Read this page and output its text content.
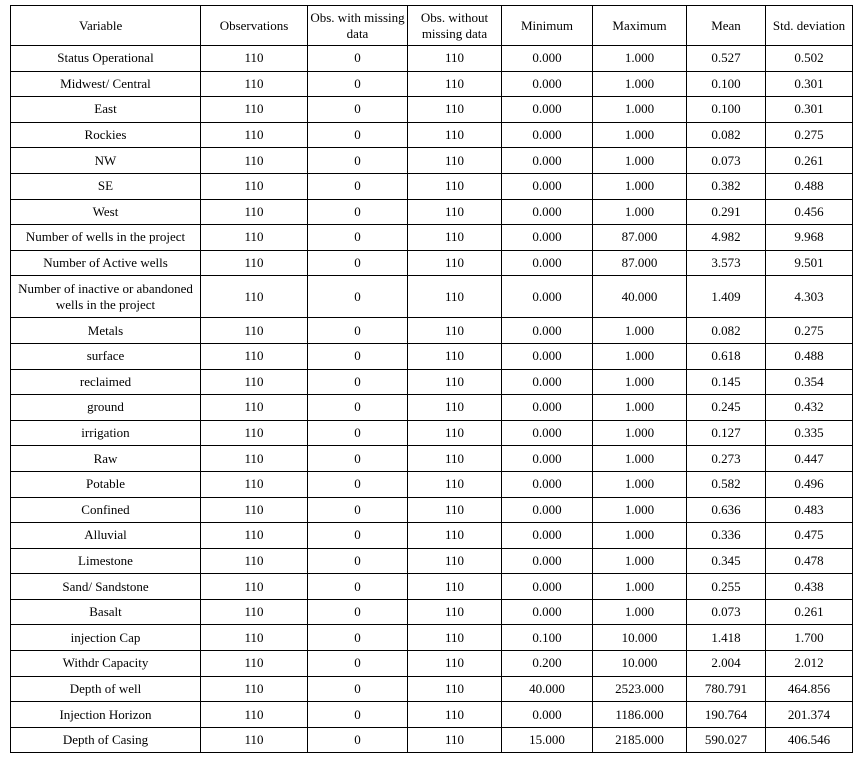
Variable	Observations	Obs. with missing data	Obs. without missing data	Minimum	Maximum	Mean	Std. deviation
Status Operational	110	0	110	0.000	1.000	0.527	0.502
Midwest/ Central	110	0	110	0.000	1.000	0.100	0.301
East	110	0	110	0.000	1.000	0.100	0.301
Rockies	110	0	110	0.000	1.000	0.082	0.275
NW	110	0	110	0.000	1.000	0.073	0.261
SE	110	0	110	0.000	1.000	0.382	0.488
West	110	0	110	0.000	1.000	0.291	0.456
Number of wells in the project	110	0	110	0.000	87.000	4.982	9.968
Number of Active wells	110	0	110	0.000	87.000	3.573	9.501
Number of inactive or abandoned wells in the project	110	0	110	0.000	40.000	1.409	4.303
Metals	110	0	110	0.000	1.000	0.082	0.275
surface	110	0	110	0.000	1.000	0.618	0.488
reclaimed	110	0	110	0.000	1.000	0.145	0.354
ground	110	0	110	0.000	1.000	0.245	0.432
irrigation	110	0	110	0.000	1.000	0.127	0.335
Raw	110	0	110	0.000	1.000	0.273	0.447
Potable	110	0	110	0.000	1.000	0.582	0.496
Confined	110	0	110	0.000	1.000	0.636	0.483
Alluvial	110	0	110	0.000	1.000	0.336	0.475
Limestone	110	0	110	0.000	1.000	0.345	0.478
Sand/ Sandstone	110	0	110	0.000	1.000	0.255	0.438
Basalt	110	0	110	0.000	1.000	0.073	0.261
injection Cap	110	0	110	0.100	10.000	1.418	1.700
Withdr Capacity	110	0	110	0.200	10.000	2.004	2.012
Depth of well	110	0	110	40.000	2523.000	780.791	464.856
Injection Horizon	110	0	110	0.000	1186.000	190.764	201.374
Depth of Casing	110	0	110	15.000	2185.000	590.027	406.546
